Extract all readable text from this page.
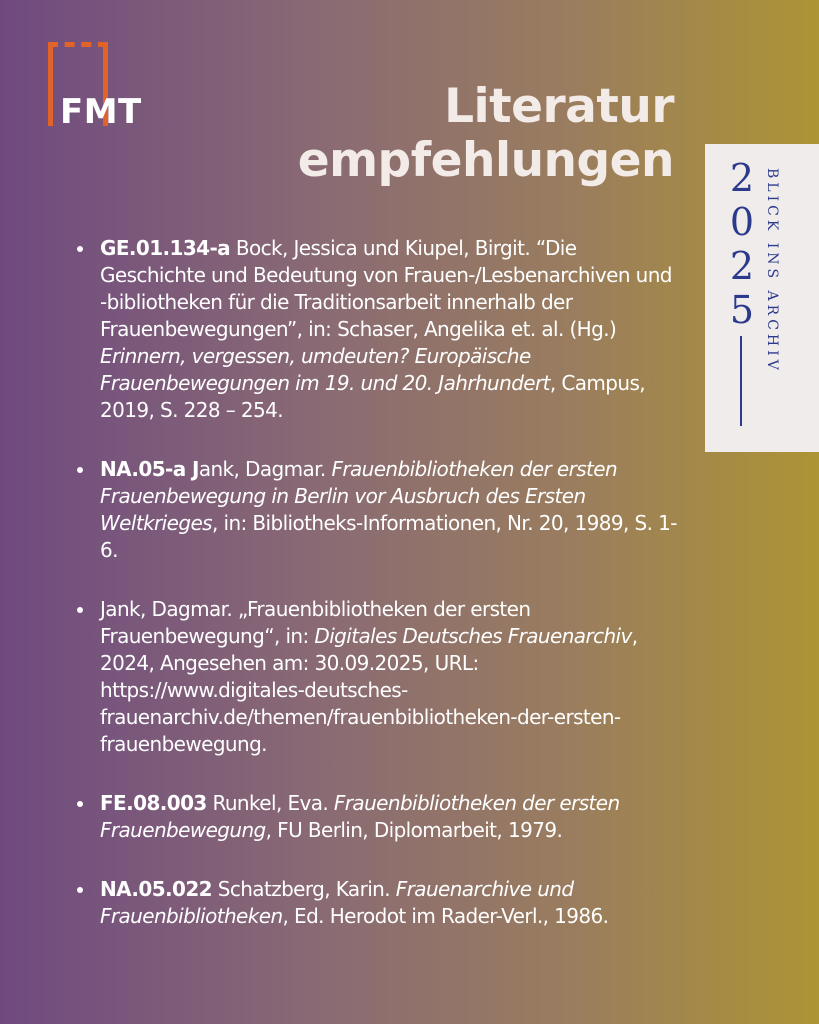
FMT	Literatur
empfehlungen 2
0
2
5 BLICK INS ARCHIV
GE.01.134-a Bock, Jessica und Kiupel, Birgit. “Die Geschichte und Bedeutung von Frauen-/Lesbenarchiven und -bibliotheken für die Traditionsarbeit innerhalb der Frauenbewegungen”, in: Schaser, Angelika et. al. (Hg.) Erinnern, vergessen, umdeuten? Europäische Frauenbewegungen im 19. und 20. Jahrhundert, Campus, 2019, S. 228 – 254.
NA.05-a Jank, Dagmar. Frauenbibliotheken der ersten Frauenbewegung in Berlin vor Ausbruch des Ersten Weltkrieges, in: Bibliotheks-Informationen, Nr. 20, 1989, S. 1-6.
Jank, Dagmar. „Frauenbibliotheken der ersten Frauenbewegung“, in: Digitales Deutsches Frauenarchiv, 2024, Angesehen am: 30.09.2025, URL: https://www.digitales-deutsches-frauenarchiv.de/themen/frauenbibliotheken-der-ersten-frauenbewegung.
FE.08.003 Runkel, Eva. Frauenbibliotheken der ersten Frauenbewegung, FU Berlin, Diplomarbeit, 1979.
NA.05.022 Schatzberg, Karin. Frauenarchive und Frauenbibliotheken, Ed. Herodot im Rader-Verl., 1986.
